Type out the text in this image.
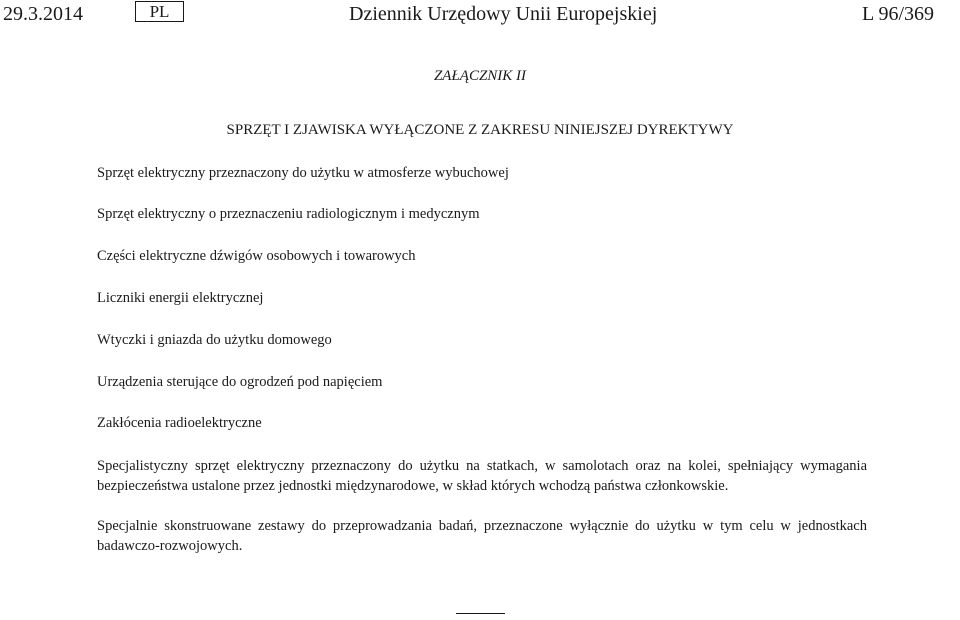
29.3.2014	PL	Dziennik Urzędowy Unii Europejskiej	L 96/369
ZAŁĄCZNIK II
SPRZĘT I ZJAWISKA WYŁĄCZONE Z ZAKRESU NINIEJSZEJ DYREKTYWY

Sprzęt elektryczny przeznaczony do użytku w atmosferze wybuchowej

Sprzęt elektryczny o przeznaczeniu radiologicznym i medycznym

Części elektryczne dźwigów osobowych i towarowych

Liczniki energii elektrycznej

Wtyczki i gniazda do użytku domowego

Urządzenia sterujące do ogrodzeń pod napięciem

Zakłócenia radioelektryczne

Specjalistyczny sprzęt elektryczny przeznaczony do użytku na statkach, w samolotach oraz na kolei, spełniający wymagania bezpieczeństwa ustalone przez jednostki międzynarodowe, w skład których wchodzą państwa członkowskie.

Specjalnie skonstruowane zestawy do przeprowadzania badań, przeznaczone wyłącznie do użytku w tym celu w jednostkach badawczo-rozwojowych.
